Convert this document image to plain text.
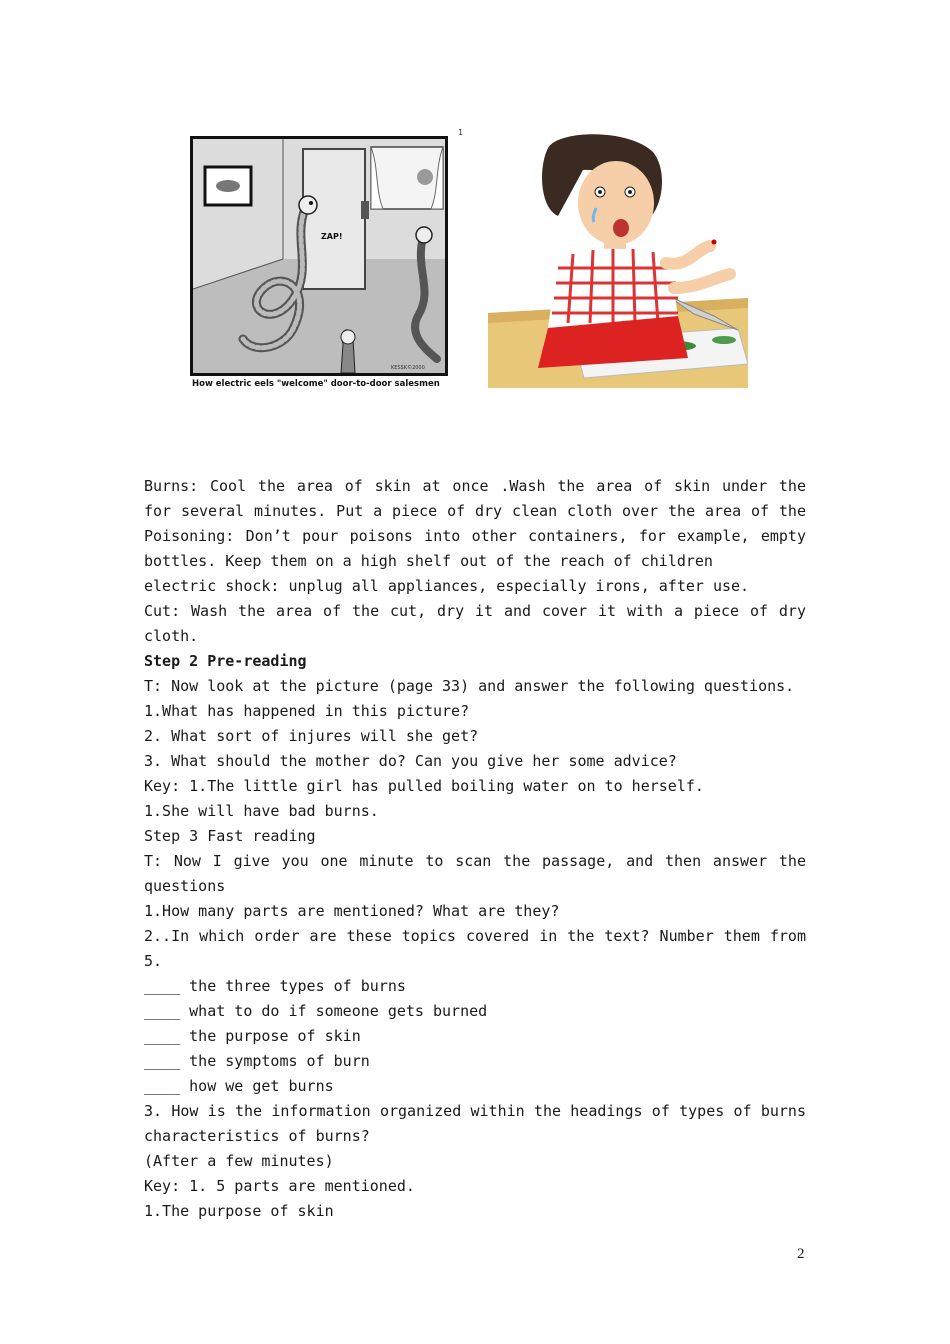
ZAP!
KESSK©2000
How electric eels "welcome" door-to-door salesmen
1

Burns: Cool the area of skin at once .Wash the area of skin under the

for several minutes. Put a piece of dry clean cloth over the area of the

Poisoning: Don’t pour poisons into other containers, for example, empty

bottles. Keep them on a high shelf out of the reach of children

electric shock: unplug all appliances, especially irons, after use.

Cut: Wash the area of the cut, dry it and cover it with a piece of dry

cloth.

Step 2 Pre-reading

T: Now look at the picture (page 33) and answer the following questions.

1.What has happened in this picture?

2. What sort of injures will she get?

3. What should the mother do? Can you give her some advice?

Key: 1.The little girl has pulled boiling water on to herself.

1.She will have bad burns.

Step 3 Fast reading

T: Now I give you one minute to scan the passage, and then answer the

questions

1.How many parts are mentioned? What are they?

2..In which order are these topics covered in the text? Number them from

5.

____ the three types of burns

____ what to do if someone gets burned

____ the purpose of skin

____ the symptoms of burn

____ how we get burns

3. How is the information organized within the headings of types of burns

characteristics of burns?

(After a few minutes)

Key: 1. 5 parts are mentioned.

1.The purpose of skin

2
